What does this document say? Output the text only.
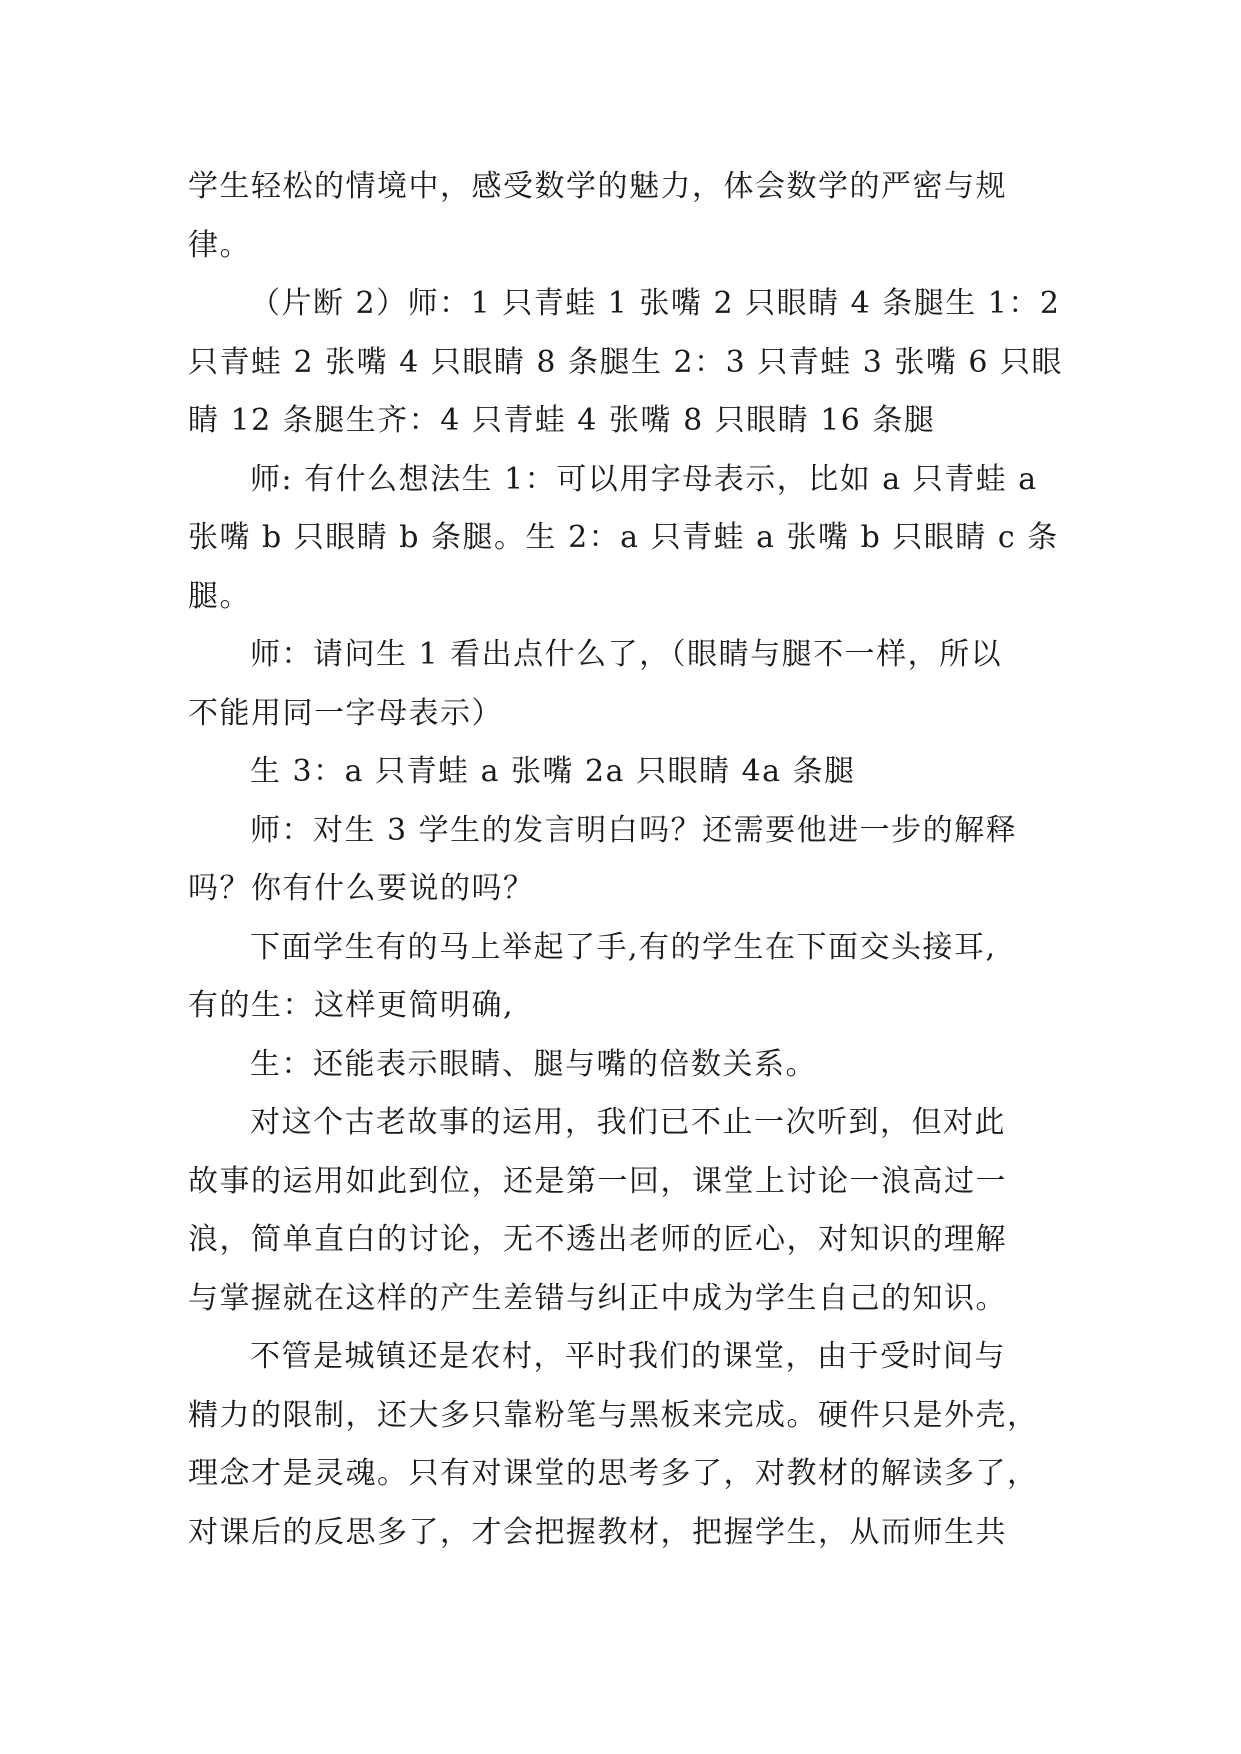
学生轻松的情境中，感受数学的魅力，体会数学的严密与规
律。

（片断 2）师：1 只青蛙 1 张嘴 2 只眼睛 4 条腿生 1：2
只青蛙 2 张嘴 4 只眼睛 8 条腿生 2：3 只青蛙 3 张嘴 6 只眼
睛 12 条腿生齐：4 只青蛙 4 张嘴 8 只眼睛 16 条腿

师: 有什么想法生 1：可以用字母表示，比如 a 只青蛙 a
张嘴 b 只眼睛 b 条腿。生 2：a 只青蛙 a 张嘴 b 只眼睛 c 条
腿。

师：请问生 1 看出点什么了，（眼睛与腿不一样，所以
不能用同一字母表示）

生 3：a 只青蛙 a 张嘴 2a 只眼睛 4a 条腿

师：对生 3 学生的发言明白吗？还需要他进一步的解释
吗？你有什么要说的吗？

下面学生有的马上举起了手,有的学生在下面交头接耳,
有的生：这样更简明确,

生：还能表示眼睛、腿与嘴的倍数关系。

对这个古老故事的运用，我们已不止一次听到，但对此
故事的运用如此到位，还是第一回，课堂上讨论一浪高过一
浪，简单直白的讨论，无不透出老师的匠心，对知识的理解
与掌握就在这样的产生差错与纠正中成为学生自己的知识。

不管是城镇还是农村，平时我们的课堂，由于受时间与
精力的限制，还大多只靠粉笔与黑板来完成。硬件只是外壳，
理念才是灵魂。只有对课堂的思考多了，对教材的解读多了，
对课后的反思多了，才会把握教材，把握学生，从而师生共
